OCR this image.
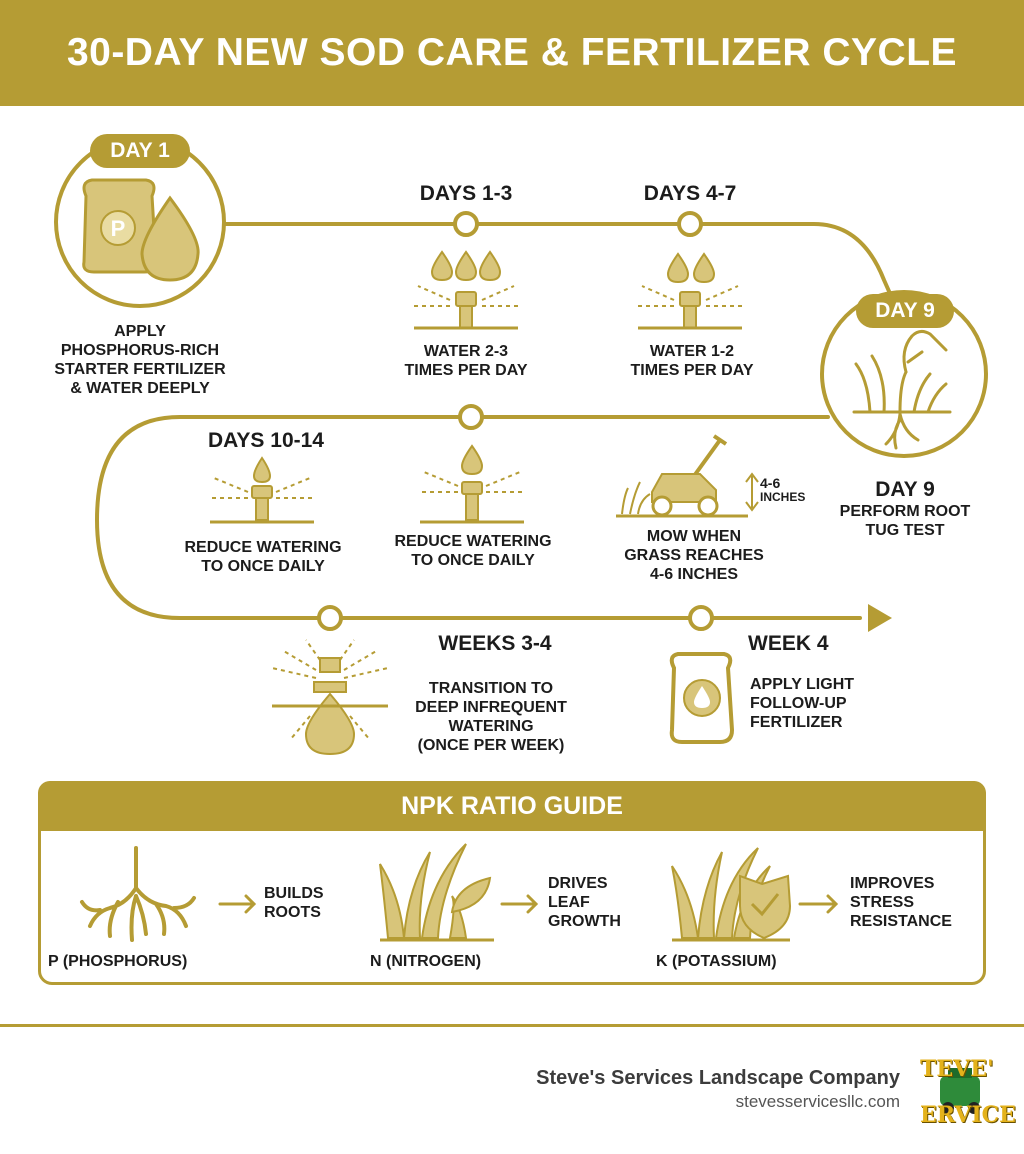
30-DAY NEW SOD CARE & FERTILIZER CYCLE
P
DAY 1
DAY 9
DAYS 1-3	DAYS 4-7
DAYS 10-14
WEEKS 3-4	WEEK 4
DAY 9
APPLY
PHOSPHORUS-RICH
STARTER FERTILIZER
& WATER DEEPLY
WATER 2-3
TIMES PER DAY
WATER 1-2
TIMES PER DAY
PERFORM ROOT
TUG TEST
REDUCE WATERING
TO ONCE DAILY
REDUCE WATERING
TO ONCE DAILY
MOW WHEN
GRASS REACHES
4-6 INCHES
4-6
INCHES
TRANSITION TO
DEEP INFREQUENT
WATERING
(ONCE PER WEEK)
APPLY LIGHT
FOLLOW-UP
FERTILIZER
NPK RATIO GUIDE
BUILDS
ROOTS
DRIVES
LEAF
GROWTH
IMPROVES
STRESS
RESISTANCE
P (PHOSPHORUS)	N (NITROGEN)	K (POTASSIUM)
Steve's Services Landscape Company
stevesservicesllc.com
TEVE'
ERVICE
